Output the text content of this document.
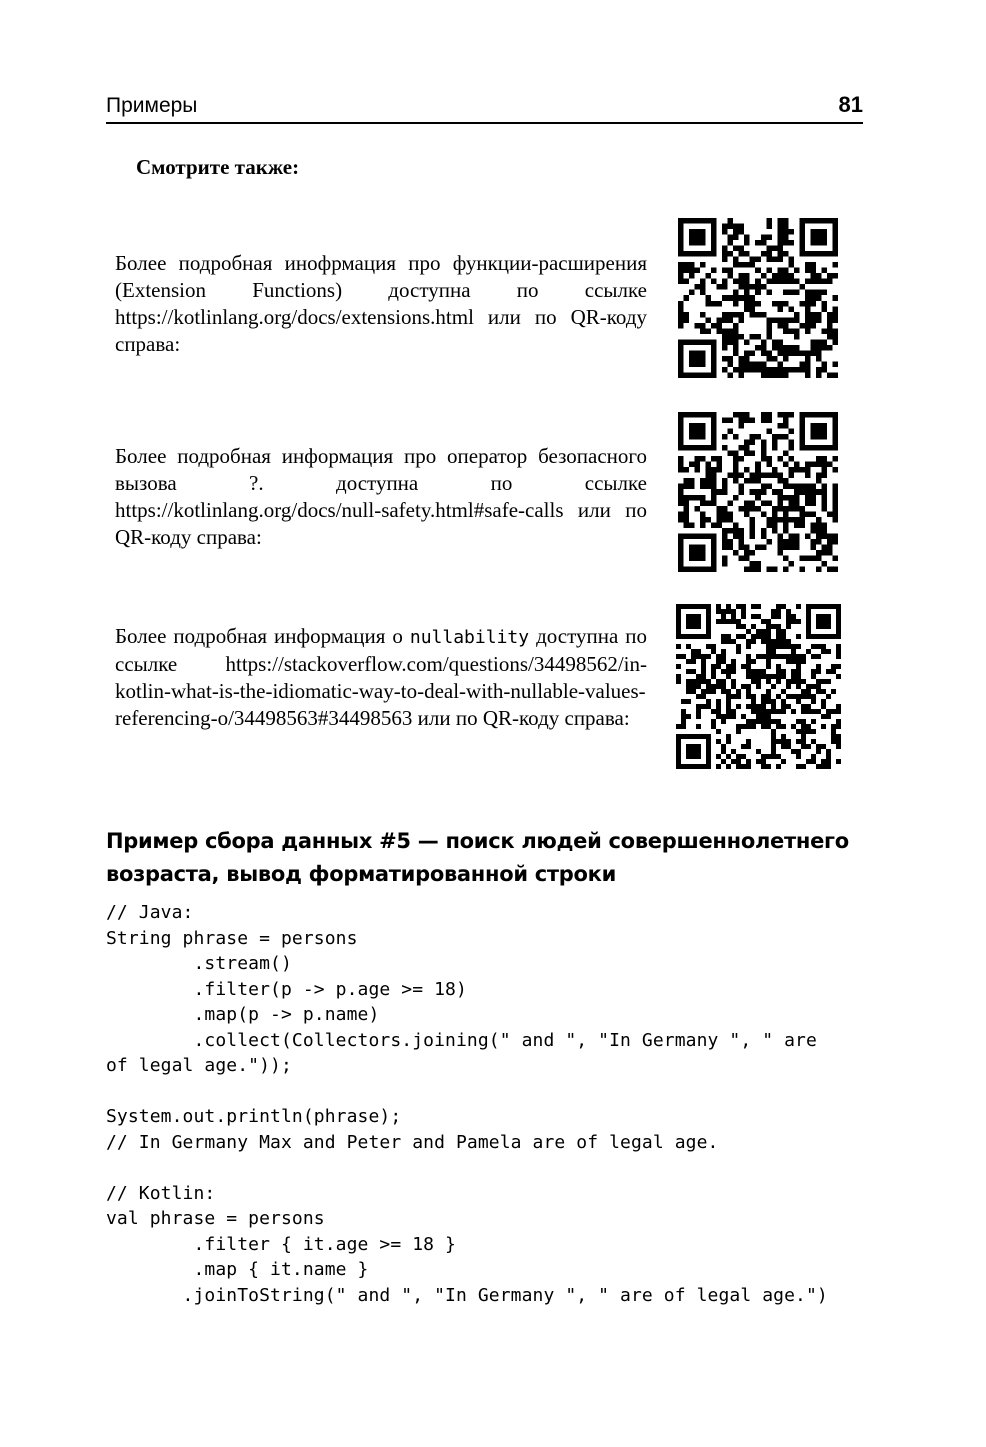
Примеры	81
Смотрите также:
Более подробная инофрмация про функции-расширения (Extension Functions) доступна по ссылке https://kotlinlang.org/docs/extensions.html или по QR-коду справа:
Более подробная информация про оператор безопасного вызова ?. доступна по ссылке https://kotlinlang.org/docs/null-safety.html#safe-calls или по QR-коду справа:
Более подробная информация о nullability доступна по ссылке https://stackoverflow.com/questions/34498562/in-kotlin-what-is-the-idiomatic-way-to-deal-with-nullable-values-referencing-o/34498563#34498563 или по QR-коду справа:
Пример сбора данных #5 — поиск людей совершеннолетнего возраста, вывод форматированной строки
// Java:
String phrase = persons
.stream()
.filter(p -> p.age >= 18)
.map(p -> p.name)
.collect(Collectors.joining(" and ", "In Germany ", " are
of legal age."));

System.out.println(phrase);
// In Germany Max and Peter and Pamela are of legal age.

// Kotlin:
val phrase = persons
.filter { it.age >= 18 }
.map { it.name }
.joinToString(" and ", "In Germany ", " are of legal age.")
